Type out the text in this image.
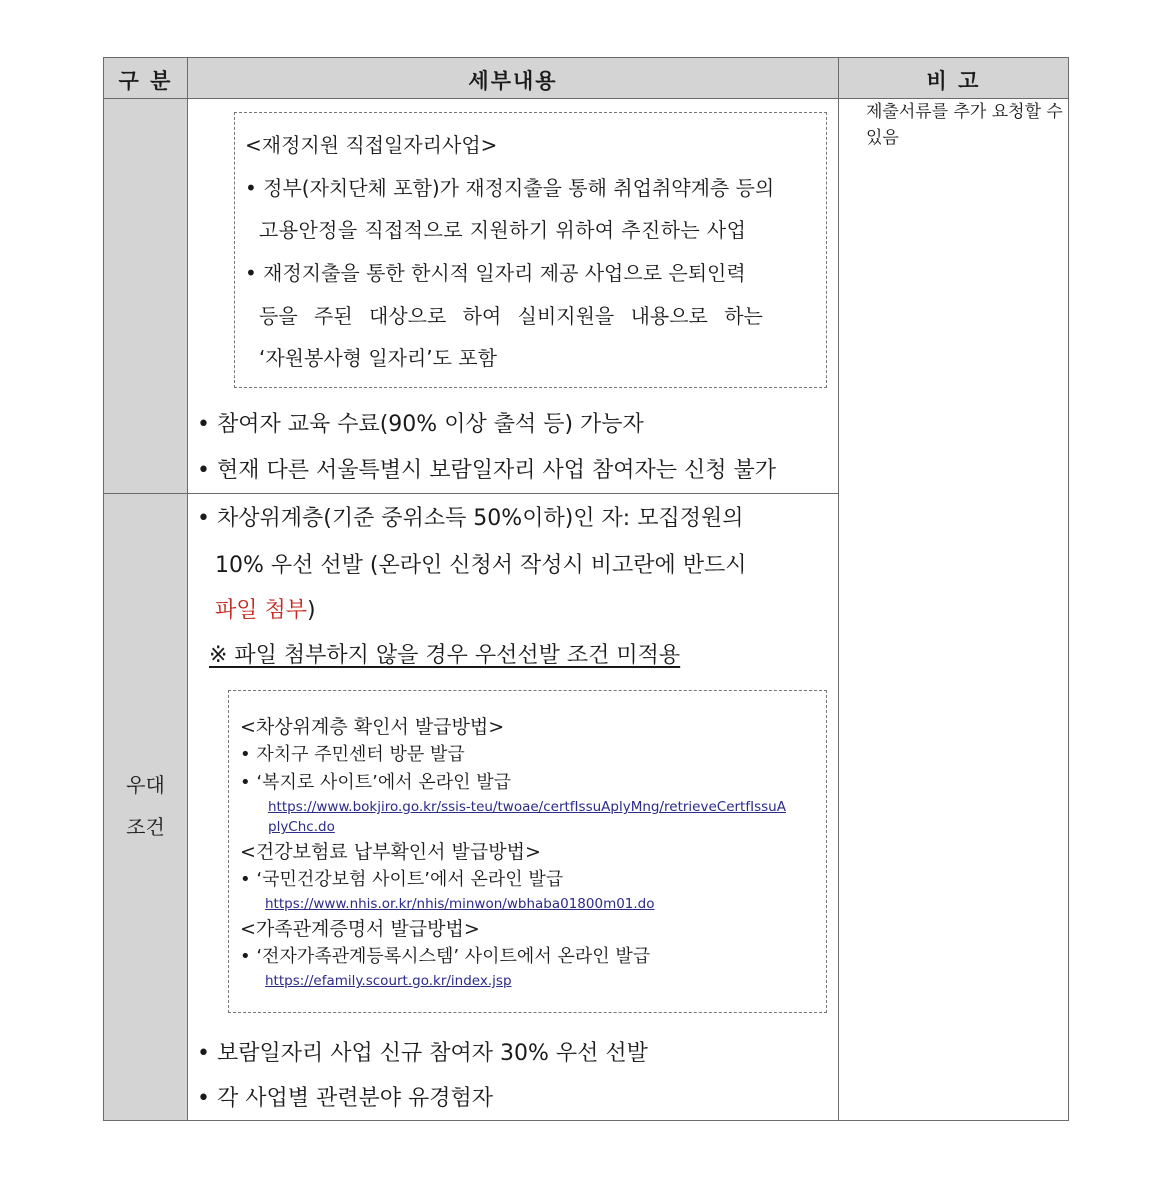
구 분	세부내용	비 고
우대
조건
제출서류를 추가 요청할 수 있음
<재정지원 직접일자리사업>
• 정부(자치단체 포함)가 재정지출을 통해 취업취약계층 등의
고용안정을 직접적으로 지원하기 위하여 추진하는 사업
• 재정지출을 통한 한시적 일자리 제공 사업으로 은퇴인력
등을 주된 대상으로 하여 실비지원을 내용으로 하는
‘자원봉사형 일자리’도 포함
• 참여자 교육 수료(90% 이상 출석 등) 가능자
• 현재 다른 서울특별시 보람일자리 사업 참여자는 신청 불가
• 차상위계층(기준 중위소득 50%이하)인 자: 모집정원의
10% 우선 선발 (온라인 신청서 작성시 비고란에 반드시
파일 첨부)
※ 파일 첨부하지 않을 경우 우선선발 조건 미적용
<차상위계층 확인서 발급방법>
• 자치구 주민센터 방문 발급
• ‘복지로 사이트’에서 온라인 발급
https://www.bokjiro.go.kr/ssis-teu/twoae/certfIssuAplyMng/retrieveCertfIssuA
plyChc.do
<건강보험료 납부확인서 발급방법>
• ‘국민건강보험 사이트’에서 온라인 발급
https://www.nhis.or.kr/nhis/minwon/wbhaba01800m01.do
<가족관계증명서 발급방법>
• ‘전자가족관계등록시스템’ 사이트에서 온라인 발급
https://efamily.scourt.go.kr/index.jsp
• 보람일자리 사업 신규 참여자 30% 우선 선발
• 각 사업별 관련분야 유경험자
